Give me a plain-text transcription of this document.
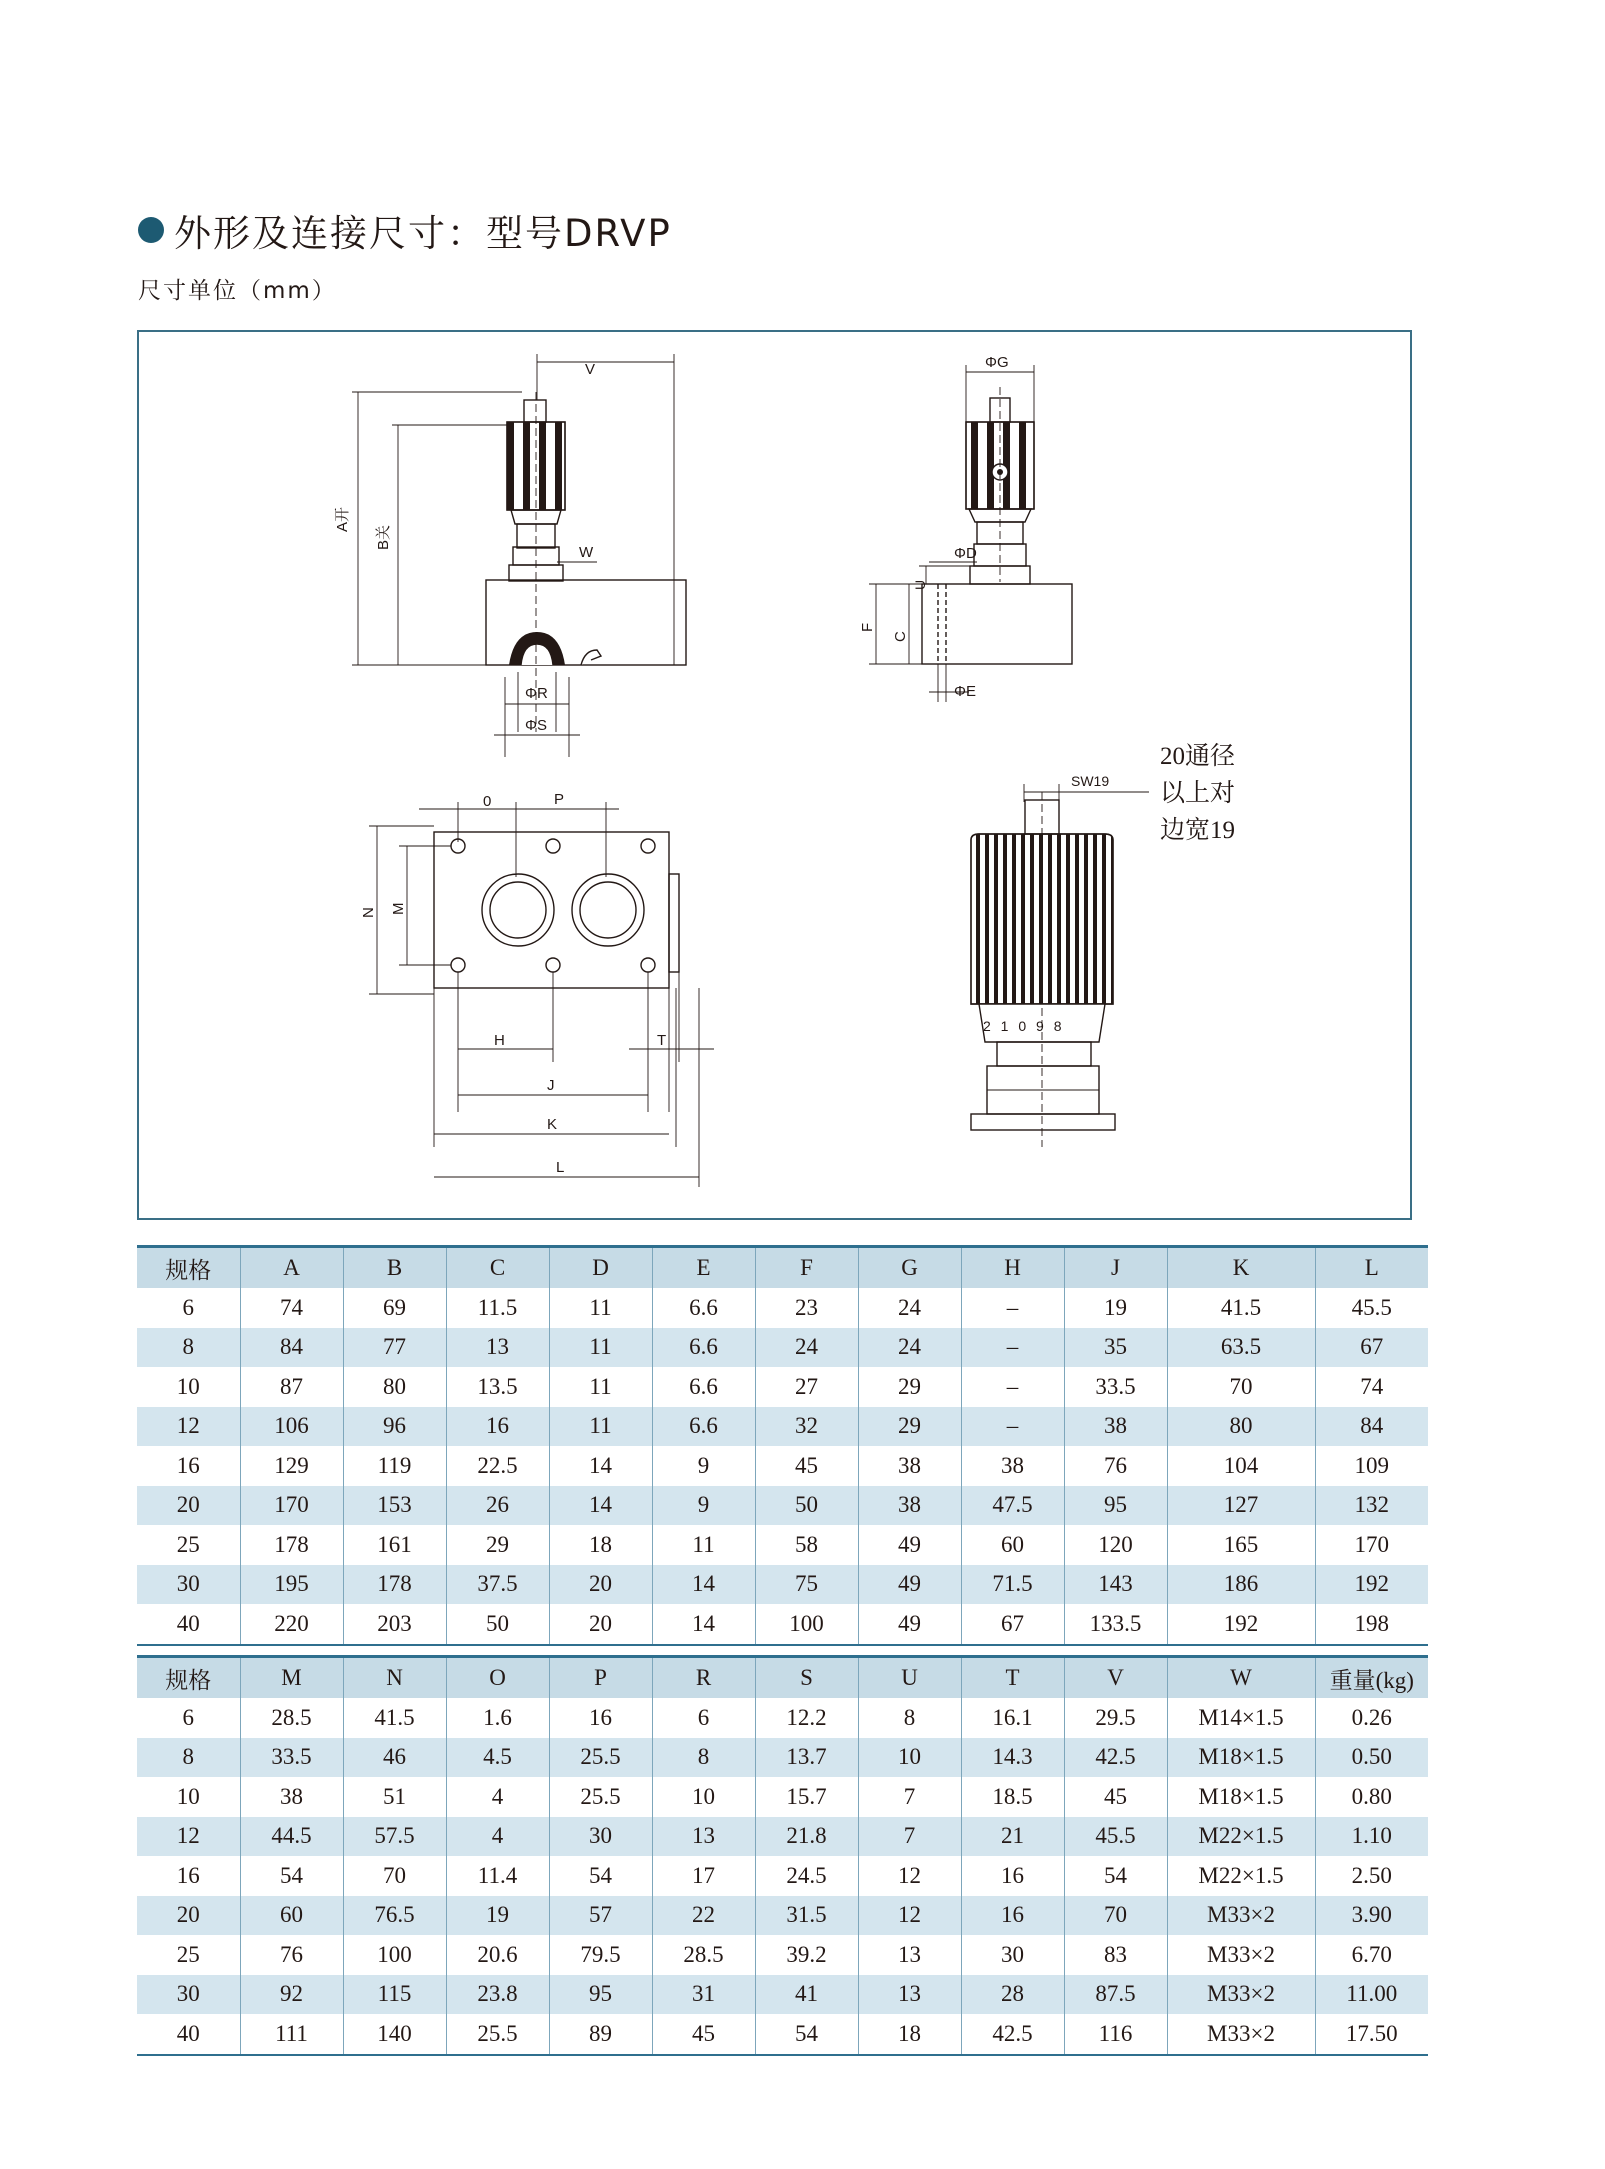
外形及连接尺寸：型号DRVP
尺寸单位（mm）
V
A开
B关
W
ΦR
ΦS
ΦG
ΦD
U
F
C
ΦE
0	P
N M
H	T
J
K
L
2 1 0 9 8
SW19
20通径
以上对
边宽19
规格	A	B	C	D	E	F	G	H	J	K	L
6	74	69	11.5	11	6.6	23	24	–	19	41.5	45.5
8	84	77	13	11	6.6	24	24	–	35	63.5	67
10	87	80	13.5	11	6.6	27	29	–	33.5	70	74
12	106	96	16	11	6.6	32	29	–	38	80	84
16	129	119	22.5	14	9	45	38	38	76	104	109
20	170	153	26	14	9	50	38	47.5	95	127	132
25	178	161	29	18	11	58	49	60	120	165	170
30	195	178	37.5	20	14	75	49	71.5	143	186	192
40	220	203	50	20	14	100	49	67	133.5	192	198
规格	M	N	O	P	R	S	U	T	V	W	重量(kg)
6	28.5	41.5	1.6	16	6	12.2	8	16.1	29.5	M14×1.5	0.26
8	33.5	46	4.5	25.5	8	13.7	10	14.3	42.5	M18×1.5	0.50
10	38	51	4	25.5	10	15.7	7	18.5	45	M18×1.5	0.80
12	44.5	57.5	4	30	13	21.8	7	21	45.5	M22×1.5	1.10
16	54	70	11.4	54	17	24.5	12	16	54	M22×1.5	2.50
20	60	76.5	19	57	22	31.5	12	16	70	M33×2	3.90
25	76	100	20.6	79.5	28.5	39.2	13	30	83	M33×2	6.70
30	92	115	23.8	95	31	41	13	28	87.5	M33×2	11.00
40	111	140	25.5	89	45	54	18	42.5	116	M33×2	17.50
